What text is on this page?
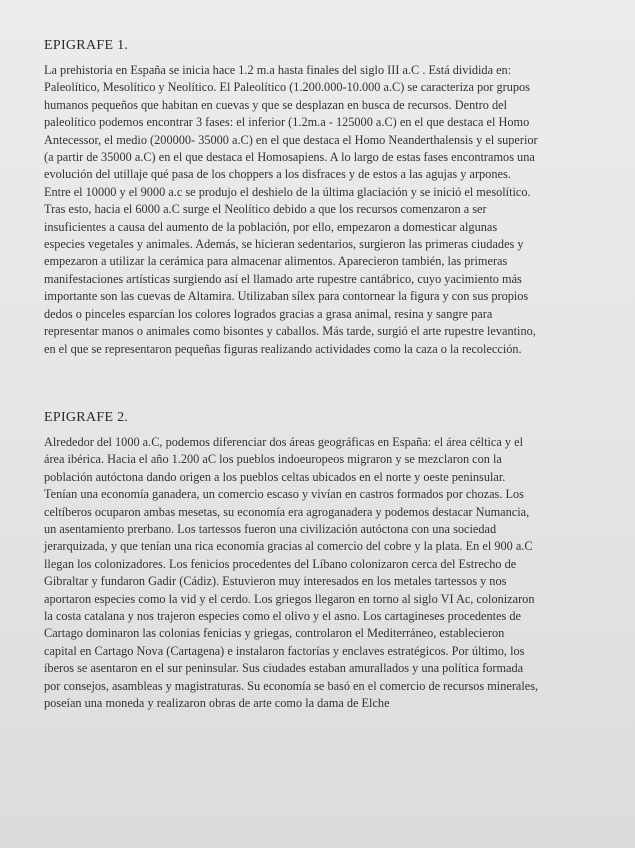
EPIGRAFE 1.
La prehistoria en España se inicia hace 1.2 m.a hasta finales del siglo III a.C . Está dividida en:
Paleolítico, Mesolítico y Neolítico. El Paleolítico (1.200.000-10.000 a.C) se caracteriza por grupos
humanos pequeños que habitan en cuevas y que se desplazan en busca de recursos. Dentro del
paleolítico podemos encontrar 3 fases: el inferior (1.2m.a - 125000 a.C) en el que destaca el Homo
Antecessor, el medio (200000- 35000 a.C) en el que destaca el Homo Neanderthalensis y el superior
(a partir de 35000 a.C) en el que destaca el Homosapiens. A lo largo de estas fases encontramos una
evolución del utillaje qué pasa de los choppers a los disfraces y de estos a las agujas y arpones.
Entre el 10000 y el 9000 a.c se produjo el deshielo de la última glaciación y se inició el mesolítico.
Tras esto, hacia el 6000 a.C surge el Neolítico debido a que los recursos comenzaron a ser
insuficientes a causa del aumento de la población, por ello, empezaron a domesticar algunas
especies vegetales y animales. Además, se hicieran sedentarios, surgieron las primeras ciudades y
empezaron a utilizar la cerámica para almacenar alimentos. Aparecieron también, las primeras
manifestaciones artísticas surgiendo así el llamado arte rupestre cantábrico, cuyo yacimiento más
importante son las cuevas de Altamira. Utilizaban sílex para contornear la figura y con sus propios
dedos o pinceles esparcían los colores logrados gracias a grasa animal, resina y sangre para
representar manos o animales como bisontes y caballos. Más tarde, surgió el arte rupestre levantino,
en el que se representaron pequeñas figuras realizando actividades como la caza o la recolección.
EPIGRAFE 2.
Alrededor del 1000 a.C, podemos diferenciar dos áreas geográficas en España: el área céltica y el
área ibérica. Hacia el año 1.200 aC los pueblos indoeuropeos migraron y se mezclaron con la
población autóctona dando origen a los pueblos celtas ubicados en el norte y oeste peninsular.
Tenían una economía ganadera, un comercio escaso y vivían en castros formados por chozas. Los
celtíberos ocuparon ambas mesetas, su economía era agroganadera y podemos destacar Numancia,
un asentamiento prerbano. Los tartessos fueron una civilización autóctona con una sociedad
jerarquizada, y que tenían una rica economía gracias al comercio del cobre y la plata. En el 900 a.C
llegan los colonizadores. Los fenicios procedentes del Líbano colonizaron cerca del Estrecho de
Gibraltar y fundaron Gadir (Cádiz). Estuvieron muy interesados en los metales tartessos y nos
aportaron especies como la vid y el cerdo. Los griegos llegaron en torno al siglo VI Ac, colonizaron
la costa catalana y nos trajeron especies como el olivo y el asno. Los cartagineses procedentes de
Cartago dominaron las colonias fenicias y griegas, controlaron el Mediterráneo, establecieron
capital en Cartago Nova (Cartagena) e instalaron factorías y enclaves estratégicos. Por último, los
íberos se asentaron en el sur peninsular. Sus ciudades estaban amurallados y una política formada
por consejos, asambleas y magistraturas. Su economía se basó en el comercio de recursos minerales,
poseían una moneda y realizaron obras de arte como la dama de Elche
